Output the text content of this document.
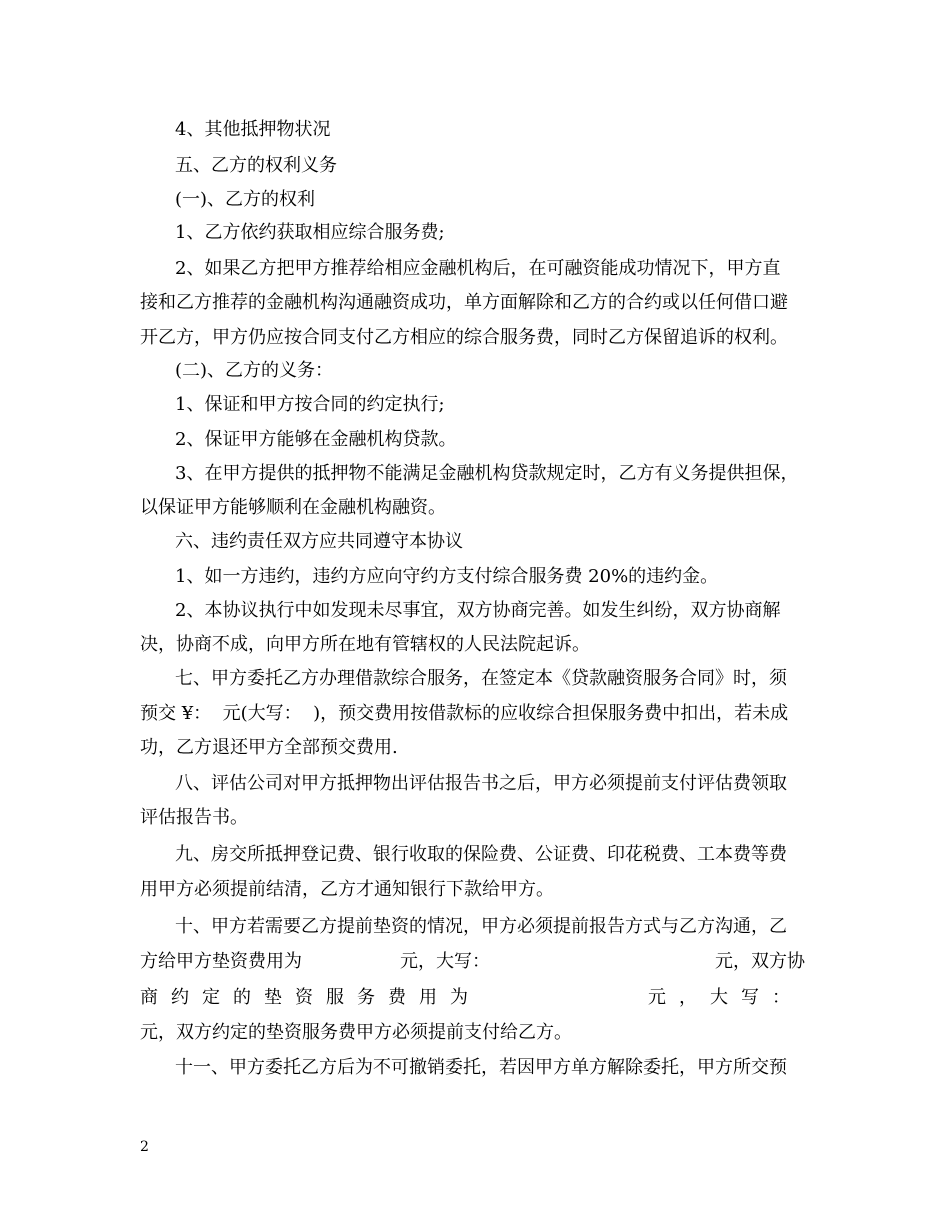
4、其他抵押物状况
五、乙方的权利义务
(一)、乙方的权利
1、乙方依约获取相应综合服务费;
2、如果乙方把甲方推荐给相应金融机构后，在可融资能成功情况下，甲方直
接和乙方推荐的金融机构沟通融资成功，单方面解除和乙方的合约或以任何借口避
开乙方，甲方仍应按合同支付乙方相应的综合服务费，同时乙方保留追诉的权利。
(二)、乙方的义务：
1、保证和甲方按合同的约定执行;
2、保证甲方能够在金融机构贷款。
3、在甲方提供的抵押物不能满足金融机构贷款规定时，乙方有义务提供担保，
以保证甲方能够顺利在金融机构融资。
六、违约责任双方应共同遵守本协议
1、如一方违约，违约方应向守约方支付综合服务费 20%的违约金。
2、本协议执行中如发现未尽事宜，双方协商完善。如发生纠纷，双方协商解
决，协商不成，向甲方所在地有管辖权的人民法院起诉。
七、甲方委托乙方办理借款综合服务，在签定本《贷款融资服务合同》时，须
预交 ¥：  元(大写：  )，预交费用按借款标的应收综合担保服务费中扣出，若未成
功，乙方退还甲方全部预交费用.
八、评估公司对甲方抵押物出评估报告书之后，甲方必须提前支付评估费领取
评估报告书。
九、房交所抵押登记费、银行收取的保险费、公证费、印花税费、工本费等费
用甲方必须提前结清，乙方才通知银行下款给甲方。
十、甲方若需要乙方提前垫资的情况，甲方必须提前报告方式与乙方沟通，乙
方给甲方垫资费用为	元，大写：	元，双方协
商约定的垫资服务费用为	元，大写：
元，双方约定的垫资服务费甲方必须提前支付给乙方。
十一、甲方委托乙方后为不可撤销委托，若因甲方单方解除委托，甲方所交预
2
